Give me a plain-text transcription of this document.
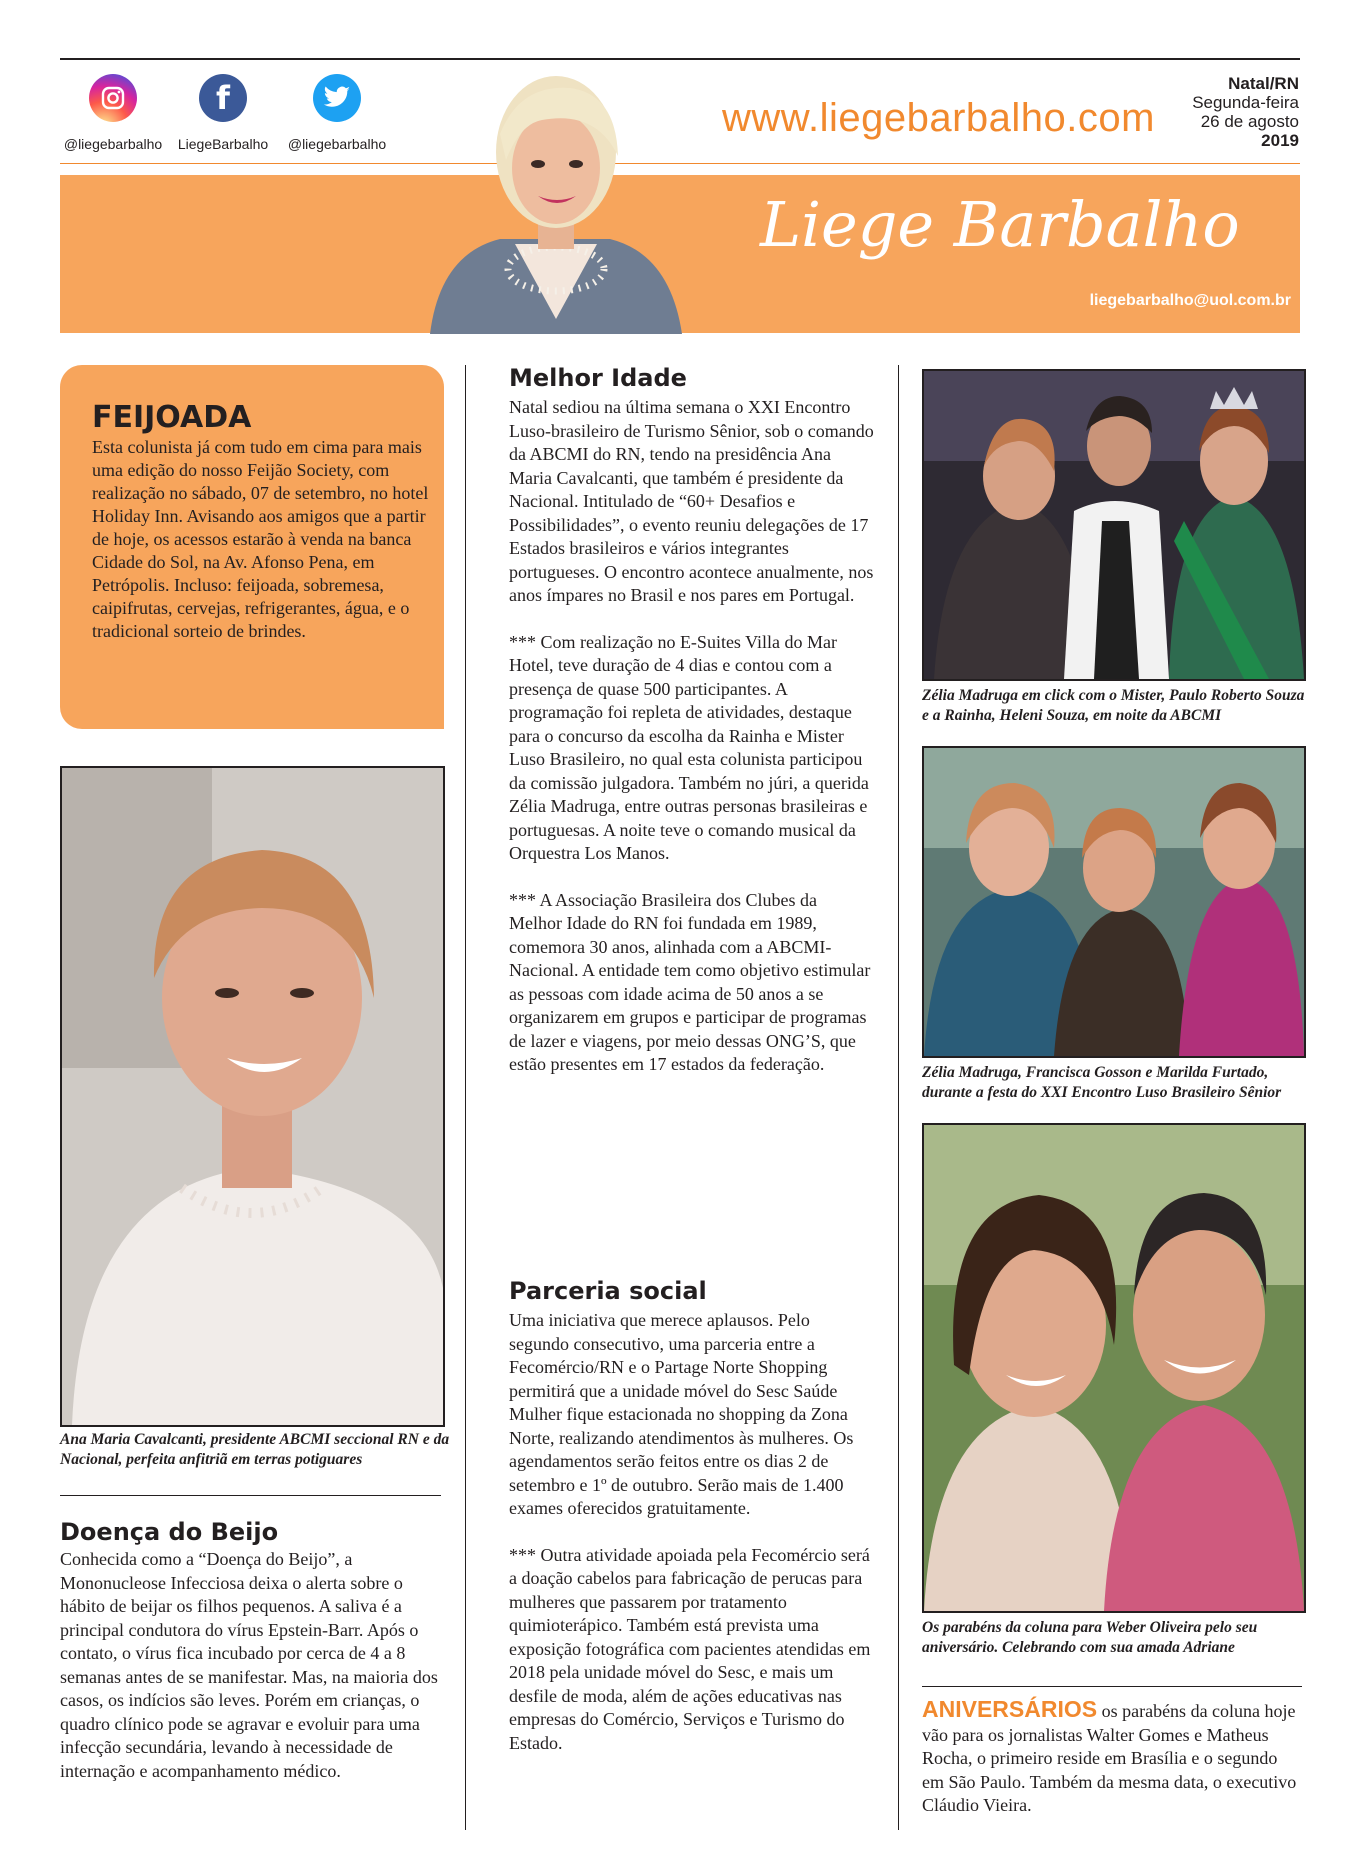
@liegebarbalho
f
LiegeBarbalho	@liegebarbalho
www.liegebarbalho.com
Natal/RN
Segunda-feira
26 de agosto
2019
Liege Barbalho
liegebarbalho@uol.com.br
FEIJOADA
Esta colunista já com tudo em cima para mais uma edição do nosso Feijão Society, com realização no sábado, 07 de setembro, no hotel Holiday Inn. Avisando aos amigos que a partir de hoje, os acessos estarão à venda na banca Cidade do Sol, na Av. Afonso Pena, em Petrópolis. Incluso: feijoada, sobremesa, caipifrutas, cervejas, refrigerantes, água, e o tradicional sorteio de brindes.
Ana Maria Cavalcanti, presidente ABCMI seccional RN e da Nacional, perfeita anfitriã em terras potiguares
Doença do Beijo
Conhecida como a “Doença do Beijo”, a Mononucleose Infecciosa deixa o alerta sobre o hábito de beijar os filhos pequenos. A saliva é a principal condutora do vírus Epstein-Barr. Após o contato, o vírus fica incubado por cerca de 4 a 8 semanas antes de se manifestar. Mas, na maioria dos casos, os indícios são leves. Porém em crianças, o quadro clínico pode se agravar e evoluir para uma infecção secundária, levando à necessidade de internação e acompanhamento médico.
Melhor Idade

Natal sediou na última semana o XXI Encontro Luso-brasileiro de Turismo Sênior, sob o comando da ABCMI do RN, tendo na presidência Ana Maria Cavalcanti, que também é presidente da Nacional. Intitulado de “60+ Desafios e Possibilidades”, o evento reuniu delegações de 17 Estados brasileiros e vários integrantes portugueses. O encontro acontece anualmente, nos anos ímpares no Brasil e nos pares em Portugal.

*** Com realização no E-Suites Villa do Mar Hotel, teve duração de 4 dias e contou com a presença de quase 500 participantes. A programação foi repleta de atividades, destaque para o concurso da escolha da Rainha e Mister Luso Brasileiro, no qual esta colunista participou da comissão julgadora. Também no júri, a querida Zélia Madruga, entre outras personas brasileiras e portuguesas. A noite teve o comando musical da Orquestra Los Manos.

*** A Associação Brasileira dos Clubes da Melhor Idade do RN foi fundada em 1989, comemora 30 anos, alinhada com a ABCMI- Nacional. A entidade tem como objetivo estimular as pessoas com idade acima de 50 anos a se organizarem em grupos e participar de programas de lazer e viagens, por meio dessas ONG’S, que estão presentes em 17 estados da federação.

Parceria social

Uma iniciativa que merece aplausos. Pelo segundo consecutivo, uma parceria entre a Fecomércio/RN e o Partage Norte Shopping permitirá que a unidade móvel do Sesc Saúde Mulher fique estacionada no shopping da Zona Norte, realizando atendimentos às mulheres. Os agendamentos serão feitos entre os dias 2 de setembro e 1º de outubro. Serão mais de 1.400 exames oferecidos gratuitamente.

*** Outra atividade apoiada pela Fecomércio será a doação cabelos para fabricação de perucas para mulheres que passarem por tratamento quimioterápico. Também está prevista uma exposição fotográfica com pacientes atendidas em 2018 pela unidade móvel do Sesc, e mais um desfile de moda, além de ações educativas nas empresas do Comércio, Serviços e Turismo do Estado.

Zélia Madruga em click com o Mister, Paulo Roberto Souza e a Rainha, Heleni Souza, em noite da ABCMI
Zélia Madruga, Francisca Gosson e Marilda Furtado, durante a festa do XXI Encontro Luso Brasileiro Sênior
Os parabéns da coluna para Weber Oliveira pelo seu aniversário. Celebrando com sua amada Adriane
ANIVERSÁRIOS os parabéns da coluna hoje vão para os jornalistas Walter Gomes e Matheus Rocha, o primeiro reside em Brasília e o segundo em São Paulo. Também da mesma data, o executivo Cláudio Vieira.
